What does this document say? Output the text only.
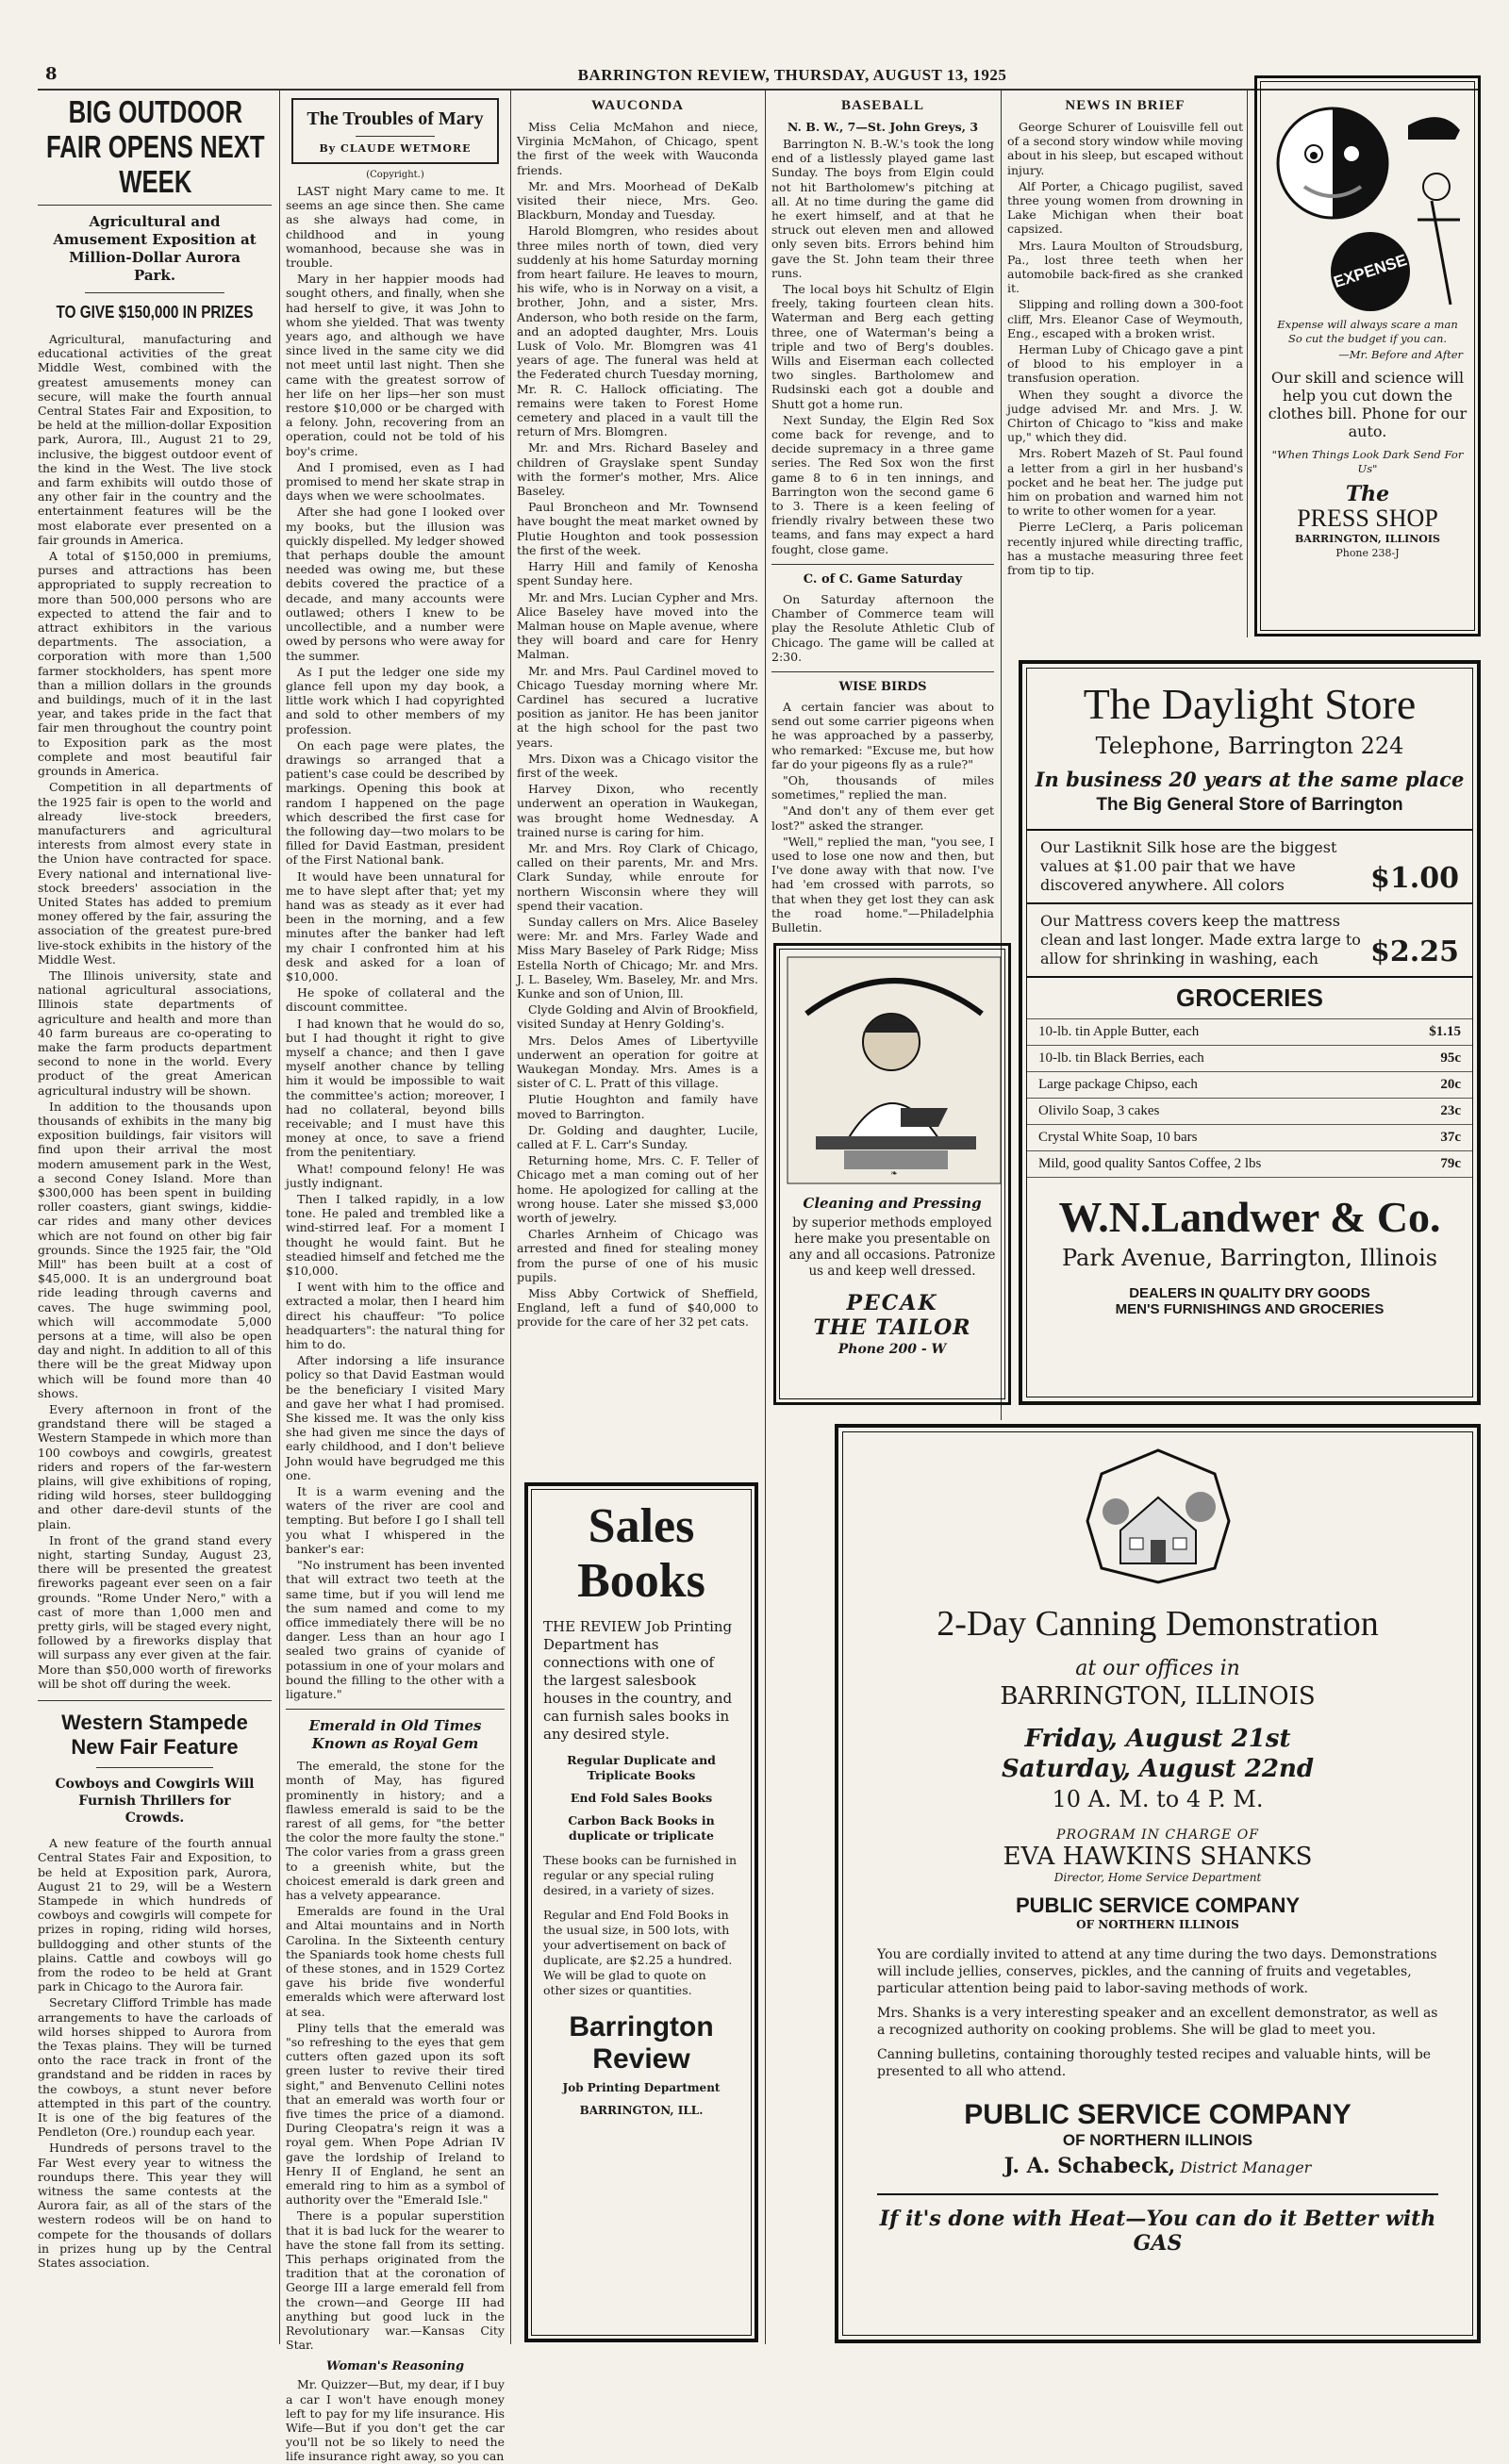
8	BARRINGTON REVIEW, THURSDAY, AUGUST 13, 1925
BIG OUTDOOR FAIR OPENS NEXT WEEK
Agricultural and Amusement Exposition at Million-Dollar Aurora Park.
TO GIVE $150,000 IN PRIZES

Agricultural, manufacturing and educational activities of the great Middle West, combined with the greatest amusements money can secure, will make the fourth annual Central States Fair and Exposition, to be held at the million-dollar Exposition park, Aurora, Ill., August 21 to 29, inclusive, the biggest outdoor event of the kind in the West. The live stock and farm exhibits will outdo those of any other fair in the country and the entertainment features will be the most elaborate ever presented on a fair grounds in America.

A total of $150,000 in premiums, purses and attractions has been appropriated to supply recreation to more than 500,000 persons who are expected to attend the fair and to attract exhibitors in the various departments. The association, a corporation with more than 1,500 farmer stockholders, has spent more than a million dollars in the grounds and buildings, much of it in the last year, and takes pride in the fact that fair men throughout the country point to Exposition park as the most complete and most beautiful fair grounds in America.

Competition in all departments of the 1925 fair is open to the world and already live-stock breeders, manufacturers and agricultural interests from almost every state in the Union have contracted for space. Every national and international live-stock breeders' association in the United States has added to premium money offered by the fair, assuring the association of the greatest pure-bred live-stock exhibits in the history of the Middle West.

The Illinois university, state and national agricultural associations, Illinois state departments of agriculture and health and more than 40 farm bureaus are co-operating to make the farm products department second to none in the world. Every product of the great American agricultural industry will be shown.

In addition to the thousands upon thousands of exhibits in the many big exposition buildings, fair visitors will find upon their arrival the most modern amusement park in the West, a second Coney Island. More than $300,000 has been spent in building roller coasters, giant swings, kiddie-car rides and many other devices which are not found on other big fair grounds. Since the 1925 fair, the "Old Mill" has been built at a cost of $45,000. It is an underground boat ride leading through caverns and caves. The huge swimming pool, which will accommodate 5,000 persons at a time, will also be open day and night. In addition to all of this there will be the great Midway upon which will be found more than 40 shows.

Every afternoon in front of the grandstand there will be staged a Western Stampede in which more than 100 cowboys and cowgirls, greatest riders and ropers of the far-western plains, will give exhibitions of roping, riding wild horses, steer bulldogging and other dare-devil stunts of the plain.

In front of the grand stand every night, starting Sunday, August 23, there will be presented the greatest fireworks pageant ever seen on a fair grounds. "Rome Under Nero," with a cast of more than 1,000 men and pretty girls, will be staged every night, followed by a fireworks display that will surpass any ever given at the fair. More than $50,000 worth of fireworks will be shot off during the week.

Western Stampede New Fair Feature
Cowboys and Cowgirls Will Furnish Thrillers for Crowds.

A new feature of the fourth annual Central States Fair and Exposition, to be held at Exposition park, Aurora, August 21 to 29, will be a Western Stampede in which hundreds of cowboys and cowgirls will compete for prizes in roping, riding wild horses, bulldogging and other stunts of the plains. Cattle and cowboys will go from the rodeo to be held at Grant park in Chicago to the Aurora fair.

Secretary Clifford Trimble has made arrangements to have the carloads of wild horses shipped to Aurora from the Texas plains. They will be turned onto the race track in front of the grandstand and be ridden in races by the cowboys, a stunt never before attempted in this part of the country. It is one of the big features of the Pendleton (Ore.) roundup each year.

Hundreds of persons travel to the Far West every year to witness the roundups there. This year they will witness the same contests at the Aurora fair, as all of the stars of the western rodeos will be on hand to compete for the thousands of dollars in prizes hung up by the Central States association.

The Troubles of Mary
By CLAUDE WETMORE
(Copyright.)

LAST night Mary came to me. It seems an age since then. She came as she always had come, in childhood and in young womanhood, because she was in trouble.

Mary in her happier moods had sought others, and finally, when she had herself to give, it was John to whom she yielded. That was twenty years ago, and although we have since lived in the same city we did not meet until last night. Then she came with the greatest sorrow of her life on her lips—her son must restore $10,000 or be charged with a felony. John, recovering from an operation, could not be told of his boy's crime.

And I promised, even as I had promised to mend her skate strap in days when we were schoolmates.

After she had gone I looked over my books, but the illusion was quickly dispelled. My ledger showed that perhaps double the amount needed was owing me, but these debits covered the practice of a decade, and many accounts were outlawed; others I knew to be uncollectible, and a number were owed by persons who were away for the summer.

As I put the ledger one side my glance fell upon my day book, a little work which I had copyrighted and sold to other members of my profession.

On each page were plates, the drawings so arranged that a patient's case could be described by markings. Opening this book at random I happened on the page which described the first case for the following day—two molars to be filled for David Eastman, president of the First National bank.

It would have been unnatural for me to have slept after that; yet my hand was as steady as it ever had been in the morning, and a few minutes after the banker had left my chair I confronted him at his desk and asked for a loan of $10,000.

He spoke of collateral and the discount committee.

I had known that he would do so, but I had thought it right to give myself a chance; and then I gave myself another chance by telling him it would be impossible to wait the committee's action; moreover, I had no collateral, beyond bills receivable; and I must have this money at once, to save a friend from the penitentiary.

What! compound felony! He was justly indignant.

Then I talked rapidly, in a low tone. He paled and trembled like a wind-stirred leaf. For a moment I thought he would faint. But he steadied himself and fetched me the $10,000.

I went with him to the office and extracted a molar, then I heard him direct his chauffeur: "To police headquarters": the natural thing for him to do.

After indorsing a life insurance policy so that David Eastman would be the beneficiary I visited Mary and gave her what I had promised. She kissed me. It was the only kiss she had given me since the days of early childhood, and I don't believe John would have begrudged me this one.

It is a warm evening and the waters of the river are cool and tempting. But before I go I shall tell you what I whispered in the banker's ear:

"No instrument has been invented that will extract two teeth at the same time, but if you will lend me the sum named and come to my office immediately there will be no danger. Less than an hour ago I sealed two grains of cyanide of potassium in one of your molars and bound the filling to the other with a ligature."

Emerald in Old Times Known as Royal Gem

The emerald, the stone for the month of May, has figured prominently in history; and a flawless emerald is said to be the rarest of all gems, for "the better the color the more faulty the stone." The color varies from a grass green to a greenish white, but the choicest emerald is dark green and has a velvety appearance.

Emeralds are found in the Ural and Altai mountains and in North Carolina. In the Sixteenth century the Spaniards took home chests full of these stones, and in 1529 Cortez gave his bride five wonderful emeralds which were afterward lost at sea.

Pliny tells that the emerald was "so refreshing to the eyes that gem cutters often gazed upon its soft green luster to revive their tired sight," and Benvenuto Cellini notes that an emerald was worth four or five times the price of a diamond. During Cleopatra's reign it was a royal gem. When Pope Adrian IV gave the lordship of Ireland to Henry II of England, he sent an emerald ring to him as a symbol of authority over the "Emerald Isle."

There is a popular superstition that it is bad luck for the wearer to have the stone fall from its setting. This perhaps originated from the tradition that at the coronation of George III a large emerald fell from the crown—and George III had anything but good luck in the Revolutionary war.—Kansas City Star.

Woman's Reasoning

Mr. Quizzer—But, my dear, if I buy a car I won't have enough money left to pay for my life insurance. His Wife—But if you don't get the car you'll not be so likely to need the life insurance right away, so you can

WAUCONDA

Miss Celia McMahon and niece, Virginia McMahon, of Chicago, spent the first of the week with Wauconda friends.

Mr. and Mrs. Moorhead of DeKalb visited their niece, Mrs. Geo. Blackburn, Monday and Tuesday.

Harold Blomgren, who resides about three miles north of town, died very suddenly at his home Saturday morning from heart failure. He leaves to mourn, his wife, who is in Norway on a visit, a brother, John, and a sister, Mrs. Anderson, who both reside on the farm, and an adopted daughter, Mrs. Louis Lusk of Volo. Mr. Blomgren was 41 years of age. The funeral was held at the Federated church Tuesday morning, Mr. R. C. Hallock officiating. The remains were taken to Forest Home cemetery and placed in a vault till the return of Mrs. Blomgren.

Mr. and Mrs. Richard Baseley and children of Grayslake spent Sunday with the former's mother, Mrs. Alice Baseley.

Paul Broncheon and Mr. Townsend have bought the meat market owned by Plutie Houghton and took possession the first of the week.

Harry Hill and family of Kenosha spent Sunday here.

Mr. and Mrs. Lucian Cypher and Mrs. Alice Baseley have moved into the Malman house on Maple avenue, where they will board and care for Henry Malman.

Mr. and Mrs. Paul Cardinel moved to Chicago Tuesday morning where Mr. Cardinel has secured a lucrative position as janitor. He has been janitor at the high school for the past two years.

Mrs. Dixon was a Chicago visitor the first of the week.

Harvey Dixon, who recently underwent an operation in Waukegan, was brought home Wednesday. A trained nurse is caring for him.

Mr. and Mrs. Roy Clark of Chicago, called on their parents, Mr. and Mrs. Clark Sunday, while enroute for northern Wisconsin where they will spend their vacation.

Sunday callers on Mrs. Alice Baseley were: Mr. and Mrs. Farley Wade and Miss Mary Baseley of Park Ridge; Miss Estella North of Chicago; Mr. and Mrs. J. L. Baseley, Wm. Baseley, Mr. and Mrs. Kunke and son of Union, Ill.

Clyde Golding and Alvin of Brookfield, visited Sunday at Henry Golding's.

Mrs. Delos Ames of Libertyville underwent an operation for goitre at Waukegan Monday. Mrs. Ames is a sister of C. L. Pratt of this village.

Plutie Houghton and family have moved to Barrington.

Dr. Golding and daughter, Lucile, called at F. L. Carr's Sunday.

Returning home, Mrs. C. F. Teller of Chicago met a man coming out of her home. He apologized for calling at the wrong house. Later she missed $3,000 worth of jewelry.

Charles Arnheim of Chicago was arrested and fined for stealing money from the purse of one of his music pupils.

Miss Abby Cortwick of Sheffield, England, left a fund of $40,000 to provide for the care of her 32 pet cats.

Sales
Books
THE REVIEW Job Printing Department has connections with one of the largest salesbook houses in the country, and can furnish sales books in any desired style.
Regular Duplicate and Triplicate Books
End Fold Sales Books
Carbon Back Books in duplicate or triplicate
These books can be furnished in regular or any special ruling desired, in a variety of sizes.
Regular and End Fold Books in the usual size, in 500 lots, with your advertisement on back of duplicate, are $2.25 a hundred. We will be glad to quote on other sizes or quantities.
Barrington
Review
Job Printing Department
BARRINGTON, ILL.
BASEBALL
N. B. W., 7—St. John Greys, 3

Barrington N. B.-W.'s took the long end of a listlessly played game last Sunday. The boys from Elgin could not hit Bartholomew's pitching at all. At no time during the game did he exert himself, and at that he struck out eleven men and allowed only seven bits. Errors behind him gave the St. John team their three runs.

The local boys hit Schultz of Elgin freely, taking fourteen clean hits. Waterman and Berg each getting three, one of Waterman's being a triple and two of Berg's doubles. Wills and Eiserman each collected two singles. Bartholomew and Rudsinski each got a double and Shutt got a home run.

Next Sunday, the Elgin Red Sox come back for revenge, and to decide supremacy in a three game series. The Red Sox won the first game 8 to 6 in ten innings, and Barrington won the second game 6 to 3. There is a keen feeling of friendly rivalry between these two teams, and fans may expect a hard fought, close game.

C. of C. Game Saturday

On Saturday afternoon the Chamber of Commerce team will play the Resolute Athletic Club of Chicago. The game will be called at 2:30.

WISE BIRDS

A certain fancier was about to send out some carrier pigeons when he was approached by a passerby, who remarked: "Excuse me, but how far do your pigeons fly as a rule?"

"Oh, thousands of miles sometimes," replied the man.

"And don't any of them ever get lost?" asked the stranger.

"Well," replied the man, "you see, I used to lose one now and then, but I've done away with that now. I've had 'em crossed with parrots, so that when they get lost they can ask the road home."—Philadelphia Bulletin.

❧
Cleaning and Pressing
by superior methods employed here make you presentable on any and all occasions. Patronize us and keep well dressed.
PECAK
THE TAILOR
Phone 200 - W
NEWS IN BRIEF

George Schurer of Louisville fell out of a second story window while moving about in his sleep, but escaped without injury.

Alf Porter, a Chicago pugilist, saved three young women from drowning in Lake Michigan when their boat capsized.

Mrs. Laura Moulton of Stroudsburg, Pa., lost three teeth when her automobile back-fired as she cranked it.

Slipping and rolling down a 300-foot cliff, Mrs. Eleanor Case of Weymouth, Eng., escaped with a broken wrist.

Herman Luby of Chicago gave a pint of blood to his employer in a transfusion operation.

When they sought a divorce the judge advised Mr. and Mrs. J. W. Chirton of Chicago to "kiss and make up," which they did.

Mrs. Robert Mazeh of St. Paul found a letter from a girl in her husband's pocket and he beat her. The judge put him on probation and warned him not to write to other women for a year.

Pierre LeClerq, a Paris policeman recently injured while directing traffic, has a mustache measuring three feet from tip to tip.

EXPENSE
Expense will always scare a man
So cut the budget if you can.
—Mr. Before and After
Our skill and science will help you cut down the clothes bill. Phone for our auto.
"When Things Look Dark Send For Us"
The
PRESS SHOP
BARRINGTON, ILLINOIS
Phone 238-J
The Daylight Store
Telephone, Barrington 224
In business 20 years at the same place
The Big General Store of Barrington
Our Lastiknit Silk hose are the biggest values at $1.00 pair that we have discovered anywhere. All colors	$1.00
Our Mattress covers keep the mattress clean and last longer. Made extra large to allow for shrinking in washing, each	$2.25
GROCERIES
10-lb. tin Apple Butter, each	$1.15
10-lb. tin Black Berries, each	95c
Large package Chipso, each	20c
Olivilo Soap, 3 cakes	23c
Crystal White Soap, 10 bars	37c
Mild, good quality Santos Coffee, 2 lbs	79c
W.N.Landwer & Co.
Park Avenue, Barrington, Illinois
DEALERS IN QUALITY DRY GOODS
MEN'S FURNISHINGS AND GROCERIES
2-Day Canning Demonstration
at our offices in
BARRINGTON, ILLINOIS
Friday, August 21st
Saturday, August 22nd
10 A. M. to 4 P. M.
PROGRAM IN CHARGE OF
EVA HAWKINS SHANKS
Director, Home Service Department
PUBLIC SERVICE COMPANY
OF NORTHERN ILLINOIS
You are cordially invited to attend at any time during the two days. Demonstrations will include jellies, conserves, pickles, and the canning of fruits and vegetables, particular attention being paid to labor-saving methods of work.
Mrs. Shanks is a very interesting speaker and an excellent demonstrator, as well as a recognized authority on cooking problems. She will be glad to meet you.
Canning bulletins, containing thoroughly tested recipes and valuable hints, will be presented to all who attend.
PUBLIC SERVICE COMPANY
OF NORTHERN ILLINOIS
J. A. Schabeck, District Manager
If it's done with Heat—You can do it Better with GAS
